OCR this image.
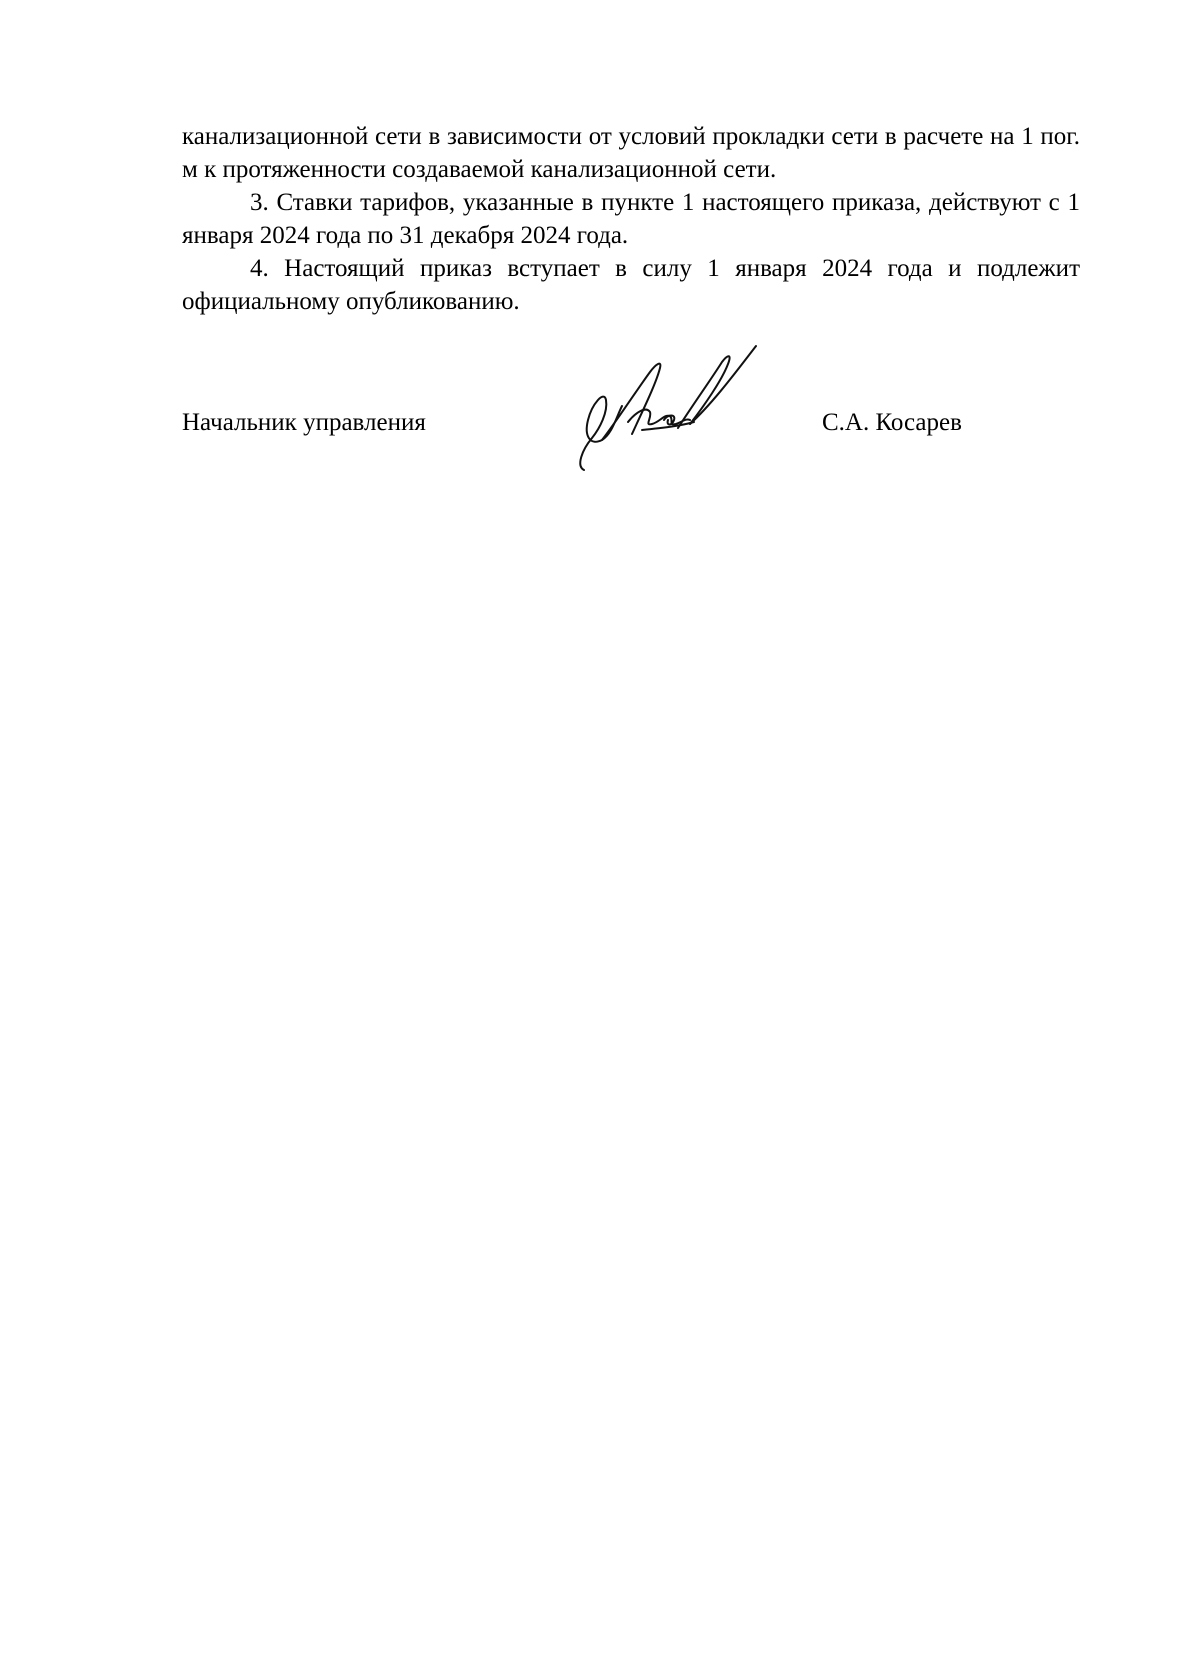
канализационной сети в зависимости от условий прокладки сети в расчете на 1 пог. м к протяженности создаваемой канализационной сети.

3. Ставки тарифов, указанные в пункте 1 настоящего приказа, действуют с 1 января 2024 года по 31 декабря 2024 года.

4. Настоящий приказ вступает в силу 1 января 2024 года и подлежит официальному опубликованию.

Начальник управления	С.А. Косарев
